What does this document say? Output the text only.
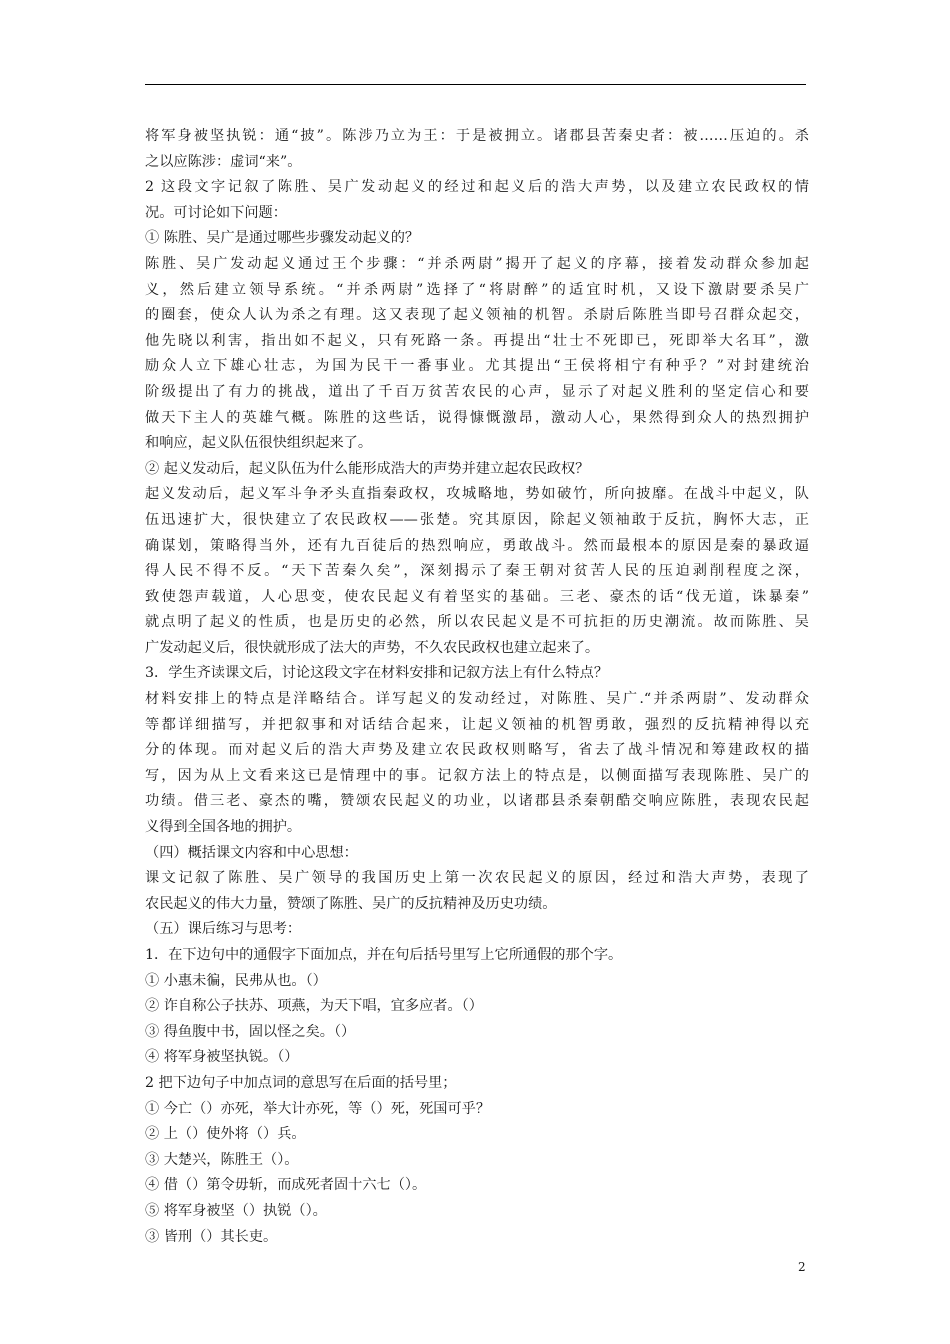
将军身被坚执锐：通“披”。陈涉乃立为王：于是被拥立。诸郡县苦秦史者：被……压迫的。杀
之以应陈涉：虚词“来”。
2 这段文字记叙了陈胜、吴广发动起义的经过和起义后的浩大声势，以及建立农民政权的情
况。可讨论如下问题：
① 陈胜、吴广是通过哪些步骤发动起义的？
陈胜、吴广发动起义通过王个步骤：“并杀两尉”揭开了起义的序幕，接着发动群众参加起
义，然后建立领导系统。“并杀两尉”选择了“将尉醉”的适宜时机，又设下激尉要杀吴广
的圈套，使众人认为杀之有理。这又表现了起义领袖的机智。杀尉后陈胜当即号召群众起交，
他先晓以利害，指出如不起义，只有死路一条。再提出“壮士不死即已，死即举大名耳”，激
励众人立下雄心壮志，为国为民干一番事业。尤其提出“王侯将相宁有种乎？”对封建统治
阶级提出了有力的挑战，道出了千百万贫苦农民的心声，显示了对起义胜利的坚定信心和要
做天下主人的英雄气概。陈胜的这些话，说得慷慨激昂，激动人心，果然得到众人的热烈拥护
和响应，起义队伍很快组织起来了。
② 起义发动后，起义队伍为什么能形成浩大的声势并建立起农民政权？
起义发动后，起义军斗争矛头直指秦政权，攻城略地，势如破竹，所向披靡。在战斗中起义，队
伍迅速扩大，很快建立了农民政权——张楚。究其原因，除起义领袖敢于反抗，胸怀大志，正
确谋划，策略得当外，还有九百徒后的热烈响应，勇敢战斗。然而最根本的原因是秦的暴政逼
得人民不得不反。“天下苦秦久矣”，深刻揭示了秦王朝对贫苦人民的压迫剥削程度之深，
致使怨声载道，人心思变，使农民起义有着坚实的基础。三老、豪杰的话“伐无道，诛暴秦”
就点明了起义的性质，也是历史的必然，所以农民起义是不可抗拒的历史潮流。故而陈胜、吴
广发动起义后，很快就形成了法大的声势，不久农民政权也建立起来了。
3．学生齐读课文后，讨论这段文字在材料安排和记叙方法上有什么特点？
材料安排上的特点是洋略结合。详写起义的发动经过，对陈胜、吴广.“并杀两尉”、发动群众
等都详细描写，并把叙事和对话结合起来，让起义领袖的机智勇敢，强烈的反抗精神得以充
分的体现。而对起义后的浩大声势及建立农民政权则略写，省去了战斗情况和筹建政权的描
写，因为从上文看来这已是情理中的事。记叙方法上的特点是，以侧面描写表现陈胜、吴广的
功绩。借三老、豪杰的嘴，赞颂农民起义的功业，以诸郡县杀秦朝酷交响应陈胜，表现农民起
义得到全国各地的拥护。
（四）概括课文内容和中心思想：
课文记叙了陈胜、吴广领导的我国历史上第一次农民起义的原因，经过和浩大声势，表现了
农民起义的伟大力量，赞颂了陈胜、吴广的反抗精神及历史功绩。
（五）课后练习与思考：
1．在下边句中的通假字下面加点，并在句后括号里写上它所通假的那个字。
① 小惠未徧，民弗从也。（）
② 诈自称公子扶苏、项燕，为天下唱，宜多应者。（）
③ 得鱼腹中书，固以怪之矣。（）
④ 将军身被坚执锐。（）
2 把下边句子中加点词的意思写在后面的括号里；
① 今亡（）亦死，举大计亦死，等（）死，死国可乎？
② 上（）使外将（）兵。
③ 大楚兴，陈胜王（）。
④ 借（）第令毋斩，而成死者固十六七（）。
⑤ 将军身被坚（）执锐（）。
③ 皆刑（）其长吏。
2
